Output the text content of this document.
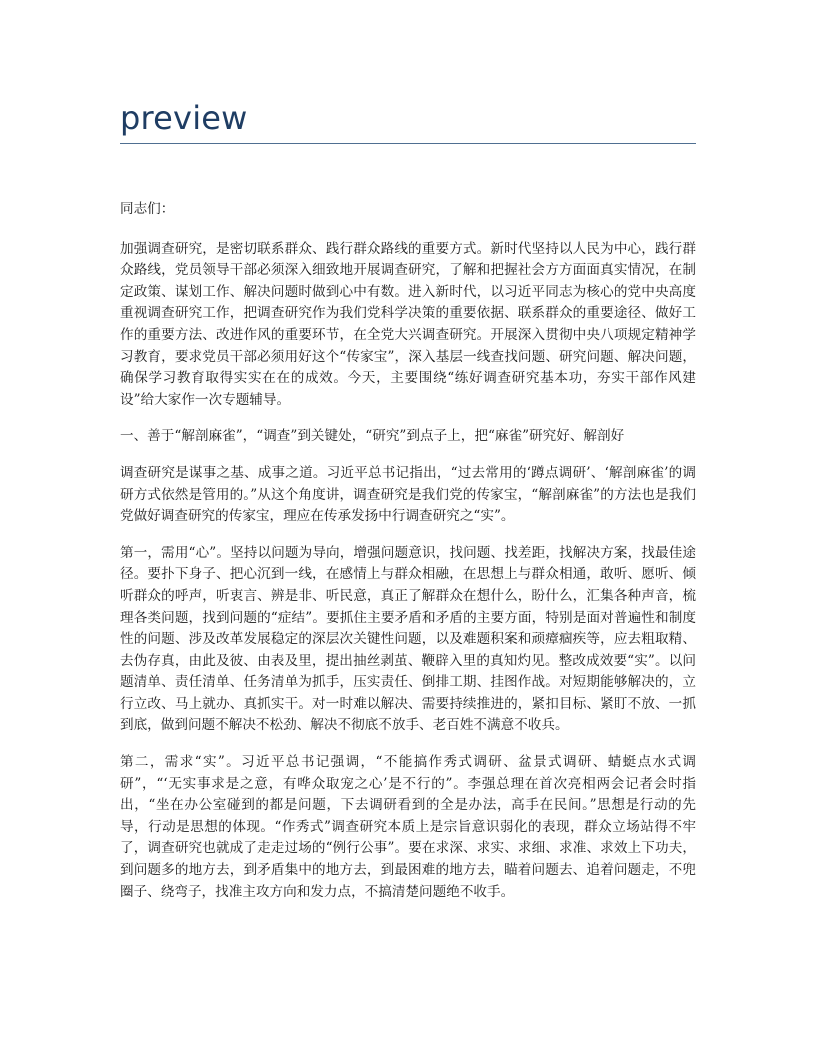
preview

同志们：

加强调查研究，是密切联系群众、践行群众路线的重要方式。新时代坚持以人民为中心，践行群众路线，党员领导干部必须深入细致地开展调查研究，了解和把握社会方方面面真实情况，在制定政策、谋划工作、解决问题时做到心中有数。进入新时代，以习近平同志为核心的党中央高度重视调查研究工作，把调查研究作为我们党科学决策的重要依据、联系群众的重要途径、做好工作的重要方法、改进作风的重要环节，在全党大兴调查研究。开展深入贯彻中央八项规定精神学习教育，要求党员干部必须用好这个“传家宝”，深入基层一线查找问题、研究问题、解决问题，确保学习教育取得实实在在的成效。今天，主要围绕“练好调查研究基本功，夯实干部作风建设”给大家作一次专题辅导。

一、善于“解剖麻雀”，“调查”到关键处，“研究”到点子上，把“麻雀”研究好、解剖好

调查研究是谋事之基、成事之道。习近平总书记指出，“过去常用的‘蹲点调研’、‘解剖麻雀’的调研方式依然是管用的。”从这个角度讲，调查研究是我们党的传家宝，“解剖麻雀”的方法也是我们党做好调查研究的传家宝，理应在传承发扬中行调查研究之“实”。

第一，需用“心”。坚持以问题为导向，增强问题意识，找问题、找差距，找解决方案，找最佳途径。要扑下身子、把心沉到一线，在感情上与群众相融，在思想上与群众相通，敢听、愿听、倾听群众的呼声，听衷言、辨是非、听民意，真正了解群众在想什么，盼什么，汇集各种声音，梳理各类问题，找到问题的“症结”。要抓住主要矛盾和矛盾的主要方面，特别是面对普遍性和制度性的问题、涉及改革发展稳定的深层次关键性问题，以及难题积案和顽瘴痼疾等，应去粗取精、去伪存真，由此及彼、由表及里，提出抽丝剥茧、鞭辟入里的真知灼见。整改成效要“实”。以问题清单、责任清单、任务清单为抓手，压实责任、倒排工期、挂图作战。对短期能够解决的，立行立改、马上就办、真抓实干。对一时难以解决、需要持续推进的，紧扣目标、紧盯不放、一抓到底，做到问题不解决不松劲、解决不彻底不放手、老百姓不满意不收兵。

第二，需求“实”。习近平总书记强调，“不能搞作秀式调研、盆景式调研、蜻蜓点水式调研”，“‘无实事求是之意，有哗众取宠之心’是不行的”。李强总理在首次亮相两会记者会时指出，“坐在办公室碰到的都是问题，下去调研看到的全是办法，高手在民间。”思想是行动的先导，行动是思想的体现。“作秀式”调查研究本质上是宗旨意识弱化的表现，群众立场站得不牢了，调查研究也就成了走走过场的“例行公事”。要在求深、求实、求细、求准、求效上下功夫，到问题多的地方去，到矛盾集中的地方去，到最困难的地方去，瞄着问题去、追着问题走，不兜圈子、绕弯子，找准主攻方向和发力点，不搞清楚问题绝不收手。
